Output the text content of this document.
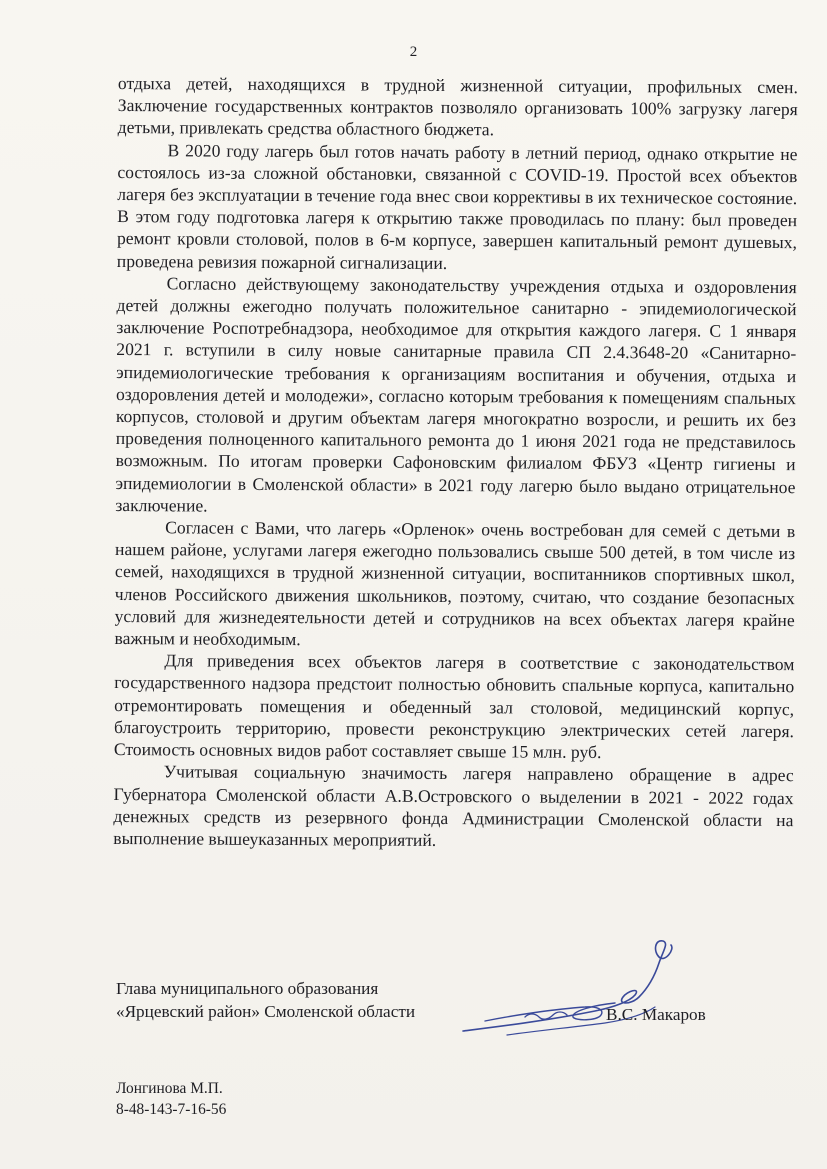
2

отдыха детей, находящихся в трудной жизненной ситуации, профильных смен. Заключение государственных контрактов позволяло организовать 100% загрузку лагеря детьми, привлекать средства областного бюджета.

В 2020 году лагерь был готов начать работу в летний период, однако открытие не состоялось из-за сложной обстановки, связанной с COVID-19. Простой всех объектов лагеря без эксплуатации в течение года внес свои коррективы в их техническое состояние. В этом году подготовка лагеря к открытию также проводилась по плану: был проведен ремонт кровли столовой, полов в 6-м корпусе, завершен капитальный ремонт душевых, проведена ревизия пожарной сигнализации.

Согласно действующему законодательству учреждения отдыха и оздоровления детей должны ежегодно получать положительное санитарно - эпидемиологической заключение Роспотребнадзора, необходимое для открытия каждого лагеря. С 1 января 2021 г. вступили в силу новые санитарные правила СП 2.4.3648-20 «Санитарно-эпидемиологические требования к организациям воспитания и обучения, отдыха и оздоровления детей и молодежи», согласно которым требования к помещениям спальных корпусов, столовой и другим объектам лагеря многократно возросли, и решить их без проведения полноценного капитального ремонта до 1 июня 2021 года не представилось возможным. По итогам проверки Сафоновским филиалом ФБУЗ «Центр гигиены и эпидемиологии в Смоленской области» в 2021 году лагерю было выдано отрицательное заключение.

Согласен с Вами, что лагерь «Орленок» очень востребован для семей с детьми в нашем районе, услугами лагеря ежегодно пользовались свыше 500 детей, в том числе из семей, находящихся в трудной жизненной ситуации, воспитанников спортивных школ, членов Российского движения школьников, поэтому, считаю, что создание безопасных условий для жизнедеятельности детей и сотрудников на всех объектах лагеря крайне важным и необходимым.

Для приведения всех объектов лагеря в соответствие с законодательством государственного надзора предстоит полностью обновить спальные корпуса, капитально отремонтировать помещения и обеденный зал столовой, медицинский корпус, благоустроить территорию, провести реконструкцию электрических сетей лагеря. Стоимость основных видов работ составляет свыше 15 млн. руб.

Учитывая социальную значимость лагеря направлено обращение в адрес Губернатора Смоленской области А.В.Островского о выделении в 2021 - 2022 годах денежных средств из резервного фонда Администрации Смоленской области на выполнение вышеуказанных мероприятий.

Глава муниципального образования
«Ярцевский район» Смоленской области	В.С. Макаров
Лонгинова М.П.
8-48-143-7-16-56
